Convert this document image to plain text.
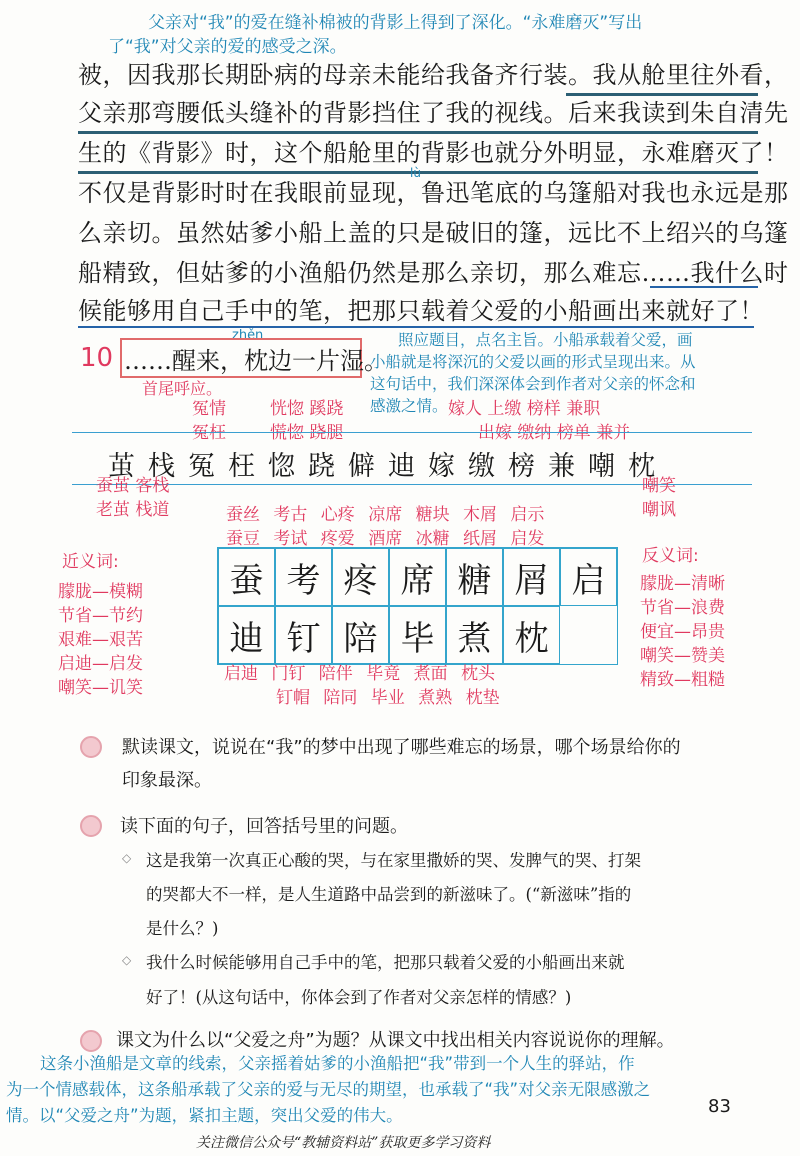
父亲对“我”的爱在缝补棉被的背影上得到了深化。“永难磨灭”写出
了“我”对父亲的爱的感受之深。
被，因我那长期卧病的母亲未能给我备齐行装。我从舱里往外看，
父亲那弯腰低头缝补的背影挡住了我的视线。后来我读到朱自清先
生的《背影》时，这个船舱里的背影也就分外明显，永难磨灭了！
lù
不仅是背影时时在我眼前显现，鲁迅笔底的乌篷船对我也永远是那
么亲切。虽然姑爹小船上盖的只是破旧的篷，远比不上绍兴的乌篷
船精致，但姑爹的小渔船仍然是那么亲切，那么难忘……我什么时
候能够用自己手中的笔，把那只载着父爱的小船画出来就好了！
10
zhěn
……醒来，枕边一片湿。
首尾呼应。
照应题目，点名主旨。小船承载着父爱，画
小船就是将深沉的父爱以画的形式呈现出来。从
这句话中，我们深深体会到作者对父亲的怀念和
感激之情。
冤情
冤枉
恍惚 蹊跷
慌惚 跷腿
嫁人 上缴 榜样 兼职
出嫁 缴纳 榜单 兼并
茧栈冤枉惚跷僻迪嫁缴榜兼嘲枕
蚕茧 客栈
老茧 栈道
嘲笑
嘲讽
蚕丝 考古 心疼 凉席 糖块 木屑 启示
蚕豆 考试 疼爱 酒席 冰糖 纸屑 启发
蚕 考 疼 席 糖 屑 启
迪 钉 陪 毕 煮 枕
启迪 门钉 陪伴 毕竟 煮面 枕头
钉帽 陪同 毕业 煮熟 枕垫
近义词:
朦胧—模糊
节省—节约
艰难—艰苦
启迪—启发
嘲笑—讥笑
反义词:
朦胧—清晰
节省—浪费
便宜—昂贵
嘲笑—赞美
精致—粗糙
默读课文，说说在“我”的梦中出现了哪些难忘的场景，哪个场景给你的
印象最深。
读下面的句子，回答括号里的问题。
◇ 这是我第一次真正心酸的哭，与在家里撒娇的哭、发脾气的哭、打架
的哭都大不一样，是人生道路中品尝到的新滋味了。(“新滋味”指的
是什么？)
◇ 我什么时候能够用自己手中的笔，把那只载着父爱的小船画出来就
好了！(从这句话中，你体会到了作者对父亲怎样的情感？)
课文为什么以“父爱之舟”为题？从课文中找出相关内容说说你的理解。
这条小渔船是文章的线索，父亲摇着姑爹的小渔船把“我”带到一个人生的驿站，作
为一个情感载体，这条船承载了父亲的爱与无尽的期望，也承载了“我”对父亲无限感激之
情。以“父爱之舟”为题，紧扣主题，突出父爱的伟大。	83
关注微信公众号“教辅资料站”获取更多学习资料
